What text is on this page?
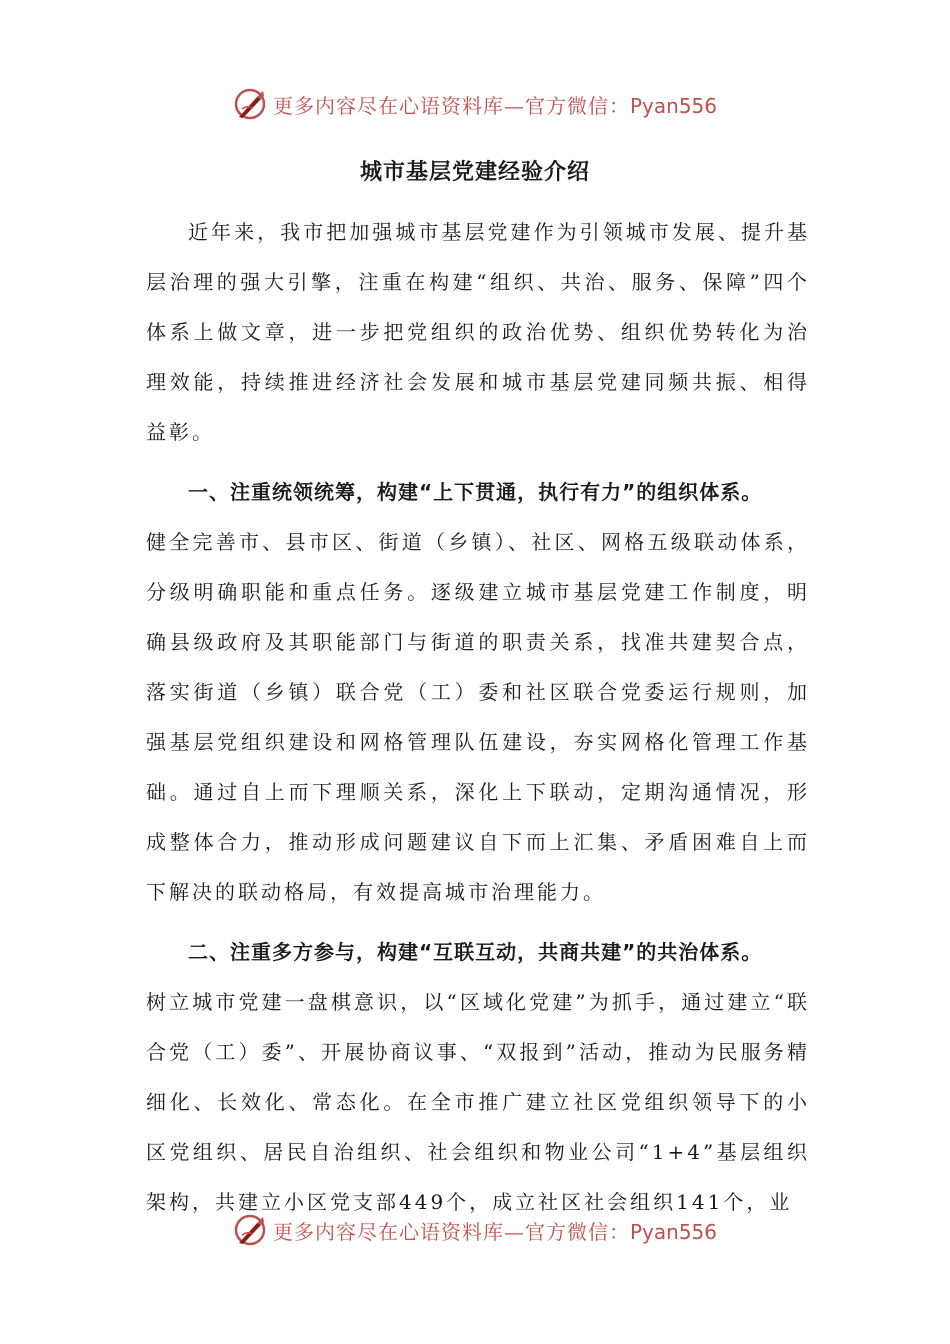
更多内容尽在心语资料库—官方微信：Pyan556
城市基层党建经验介绍

近年来，我市把加强城市基层党建作为引领城市发展、提升基层治理的强大引擎，注重在构建“组织、共治、服务、保障”四个体系上做文章，进一步把党组织的政治优势、组织优势转化为治理效能，持续推进经济社会发展和城市基层党建同频共振、相得益彰。

一、注重统领统筹，构建“上下贯通，执行有力”的组织体系。

健全完善市、县市区、街道（乡镇）、社区、网格五级联动体系，分级明确职能和重点任务。逐级建立城市基层党建工作制度，明确县级政府及其职能部门与街道的职责关系，找准共建契合点，落实街道（乡镇）联合党（工）委和社区联合党委运行规则，加强基层党组织建设和网格管理队伍建设，夯实网格化管理工作基础。通过自上而下理顺关系，深化上下联动，定期沟通情况，形成整体合力，推动形成问题建议自下而上汇集、矛盾困难自上而下解决的联动格局，有效提高城市治理能力。

二、注重多方参与，构建“互联互动，共商共建”的共治体系。

树立城市党建一盘棋意识，以“区域化党建”为抓手，通过建立“联合党（工）委”、开展协商议事、“双报到”活动，推动为民服务精细化、长效化、常态化。在全市推广建立社区党组织领导下的小区党组织、居民自治组织、社会组织和物业公司“1+4”基层组织架构，共建立小区党支部449个，成立社区社会组织141个，业

更多内容尽在心语资料库—官方微信：Pyan556
